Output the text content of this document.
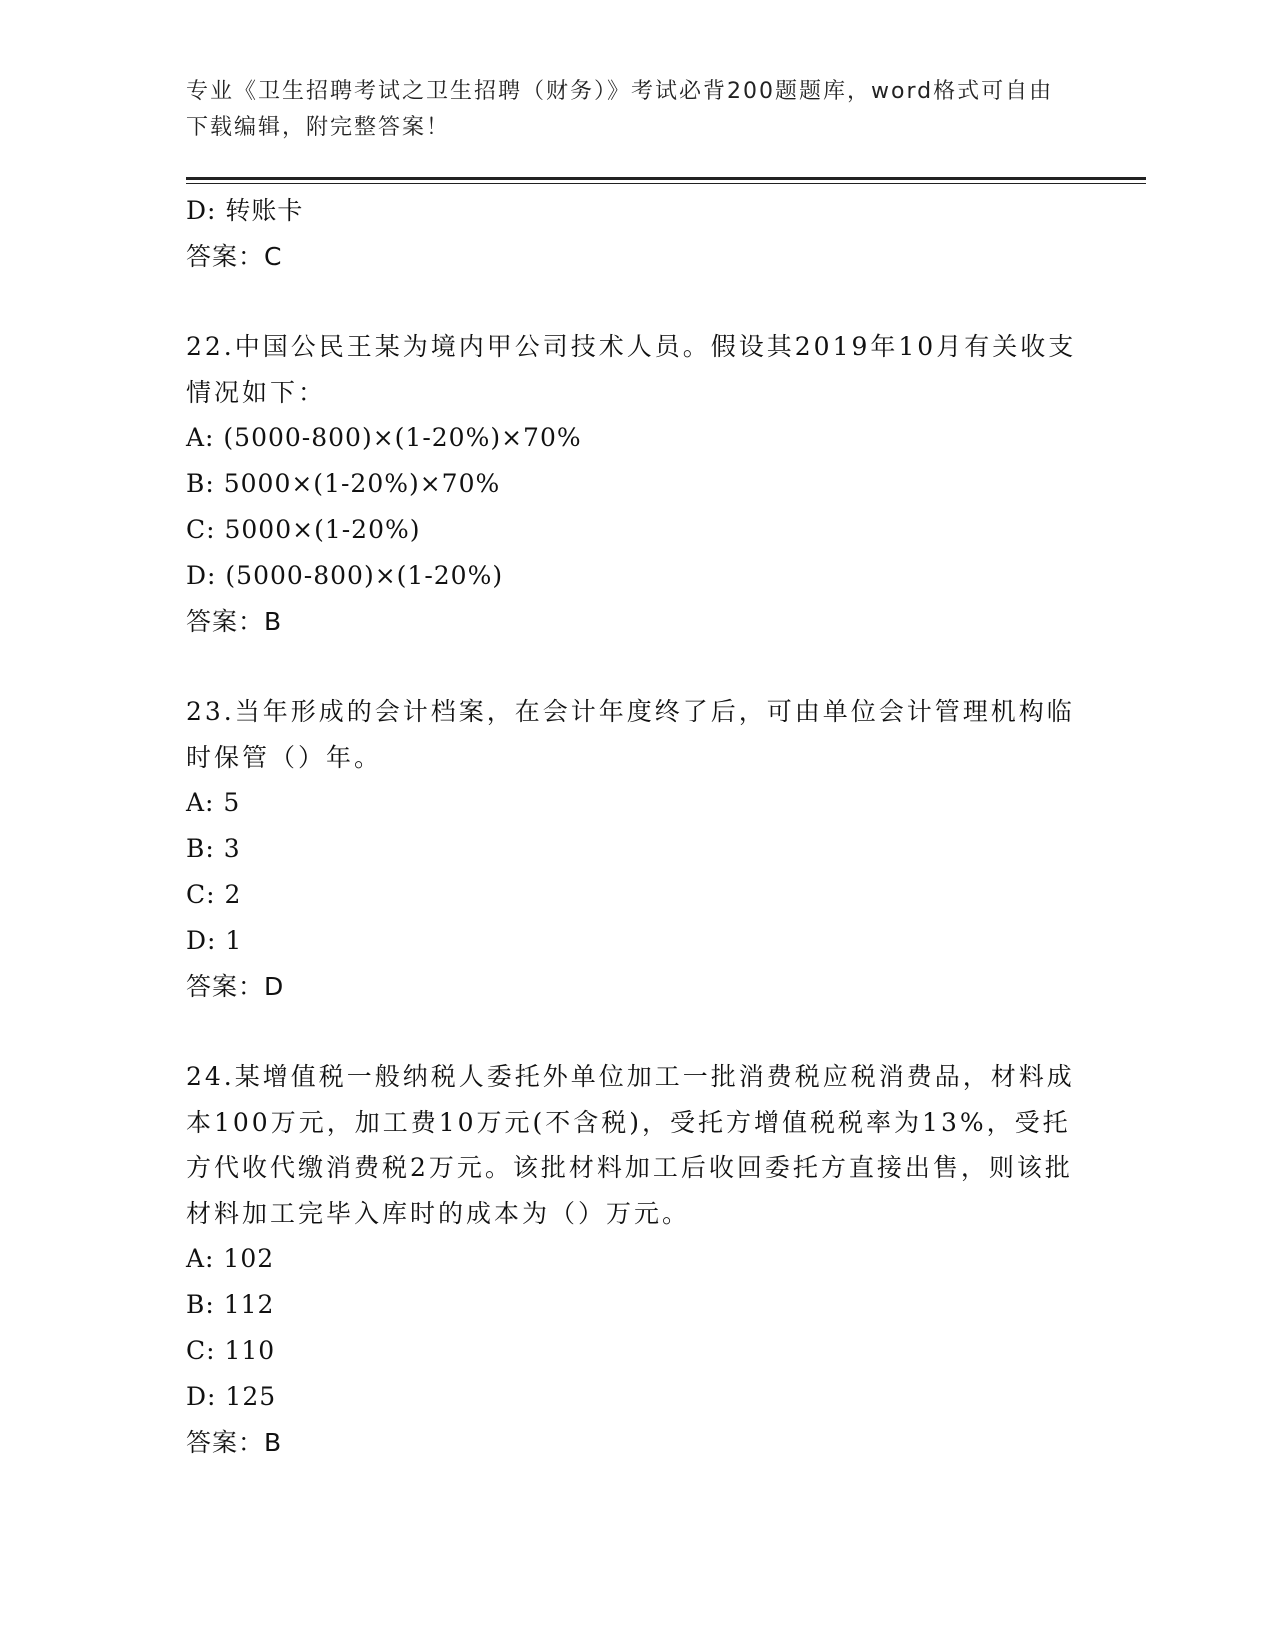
专业《卫生招聘考试之卫生招聘（财务）》考试必背200题题库，word格式可自由下载编辑，附完整答案！
D: 转账卡
答案：C
22.中国公民王某为境内甲公司技术人员。假设其2019年10月有关收支情况如下：
A: (5000-800)×(1-20%)×70%
B: 5000×(1-20%)×70%
C: 5000×(1-20%)
D: (5000-800)×(1-20%)
答案：B
23.当年形成的会计档案，在会计年度终了后，可由单位会计管理机构临时保管（）年。
A: 5
B: 3
C: 2
D: 1
答案：D
24.某增值税一般纳税人委托外单位加工一批消费税应税消费品，材料成本100万元，加工费10万元(不含税)，受托方增值税税率为13%，受托方代收代缴消费税2万元。该批材料加工后收回委托方直接出售，则该批材料加工完毕入库时的成本为（）万元。
A: 102
B: 112
C: 110
D: 125
答案：B
